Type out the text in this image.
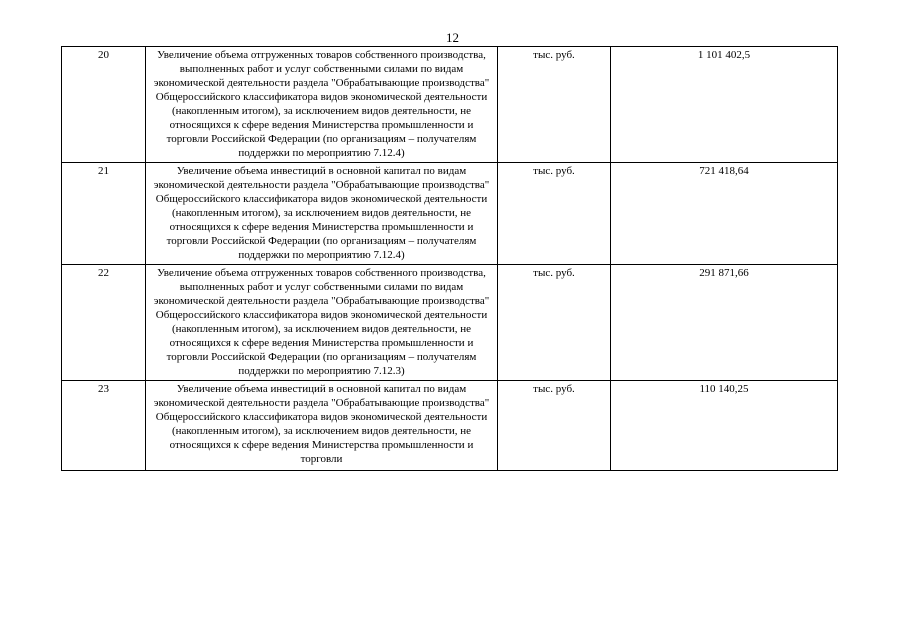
12
20	Увеличение объема отгруженных товаров собственного производства, выполненных работ и услуг собственными силами по видам экономической деятельности раздела "Обрабатывающие производства" Общероссийского классификатора видов экономической деятельности (накопленным итогом), за исключением видов деятельности, не относящихся к сфере ведения Министерства промышленности и торговли Российской Федерации (по организациям – получателям поддержки по мероприятию 7.12.4)	тыс. руб.	1 101 402,5
21	Увеличение объема инвестиций в основной капитал по видам экономической деятельности раздела "Обрабатывающие производства" Общероссийского классификатора видов экономической деятельности (накопленным итогом), за исключением видов деятельности, не относящихся к сфере ведения Министерства промышленности и торговли Российской Федерации (по организациям – получателям поддержки по мероприятию 7.12.4)	тыс. руб.	721 418,64
22	Увеличение объема отгруженных товаров собственного производства, выполненных работ и услуг собственными силами по видам экономической деятельности раздела "Обрабатывающие производства" Общероссийского классификатора видов экономической деятельности (накопленным итогом), за исключением видов деятельности, не относящихся к сфере ведения Министерства промышленности и торговли Российской Федерации (по организациям – получателям поддержки по мероприятию 7.12.3)	тыс. руб.	291 871,66
23	Увеличение объема инвестиций в основной капитал по видам экономической деятельности раздела "Обрабатывающие производства" Общероссийского классификатора видов экономической деятельности (накопленным итогом), за исключением видов деятельности, не относящихся к сфере ведения Министерства промышленности и торговли	тыс. руб.	110 140,25
